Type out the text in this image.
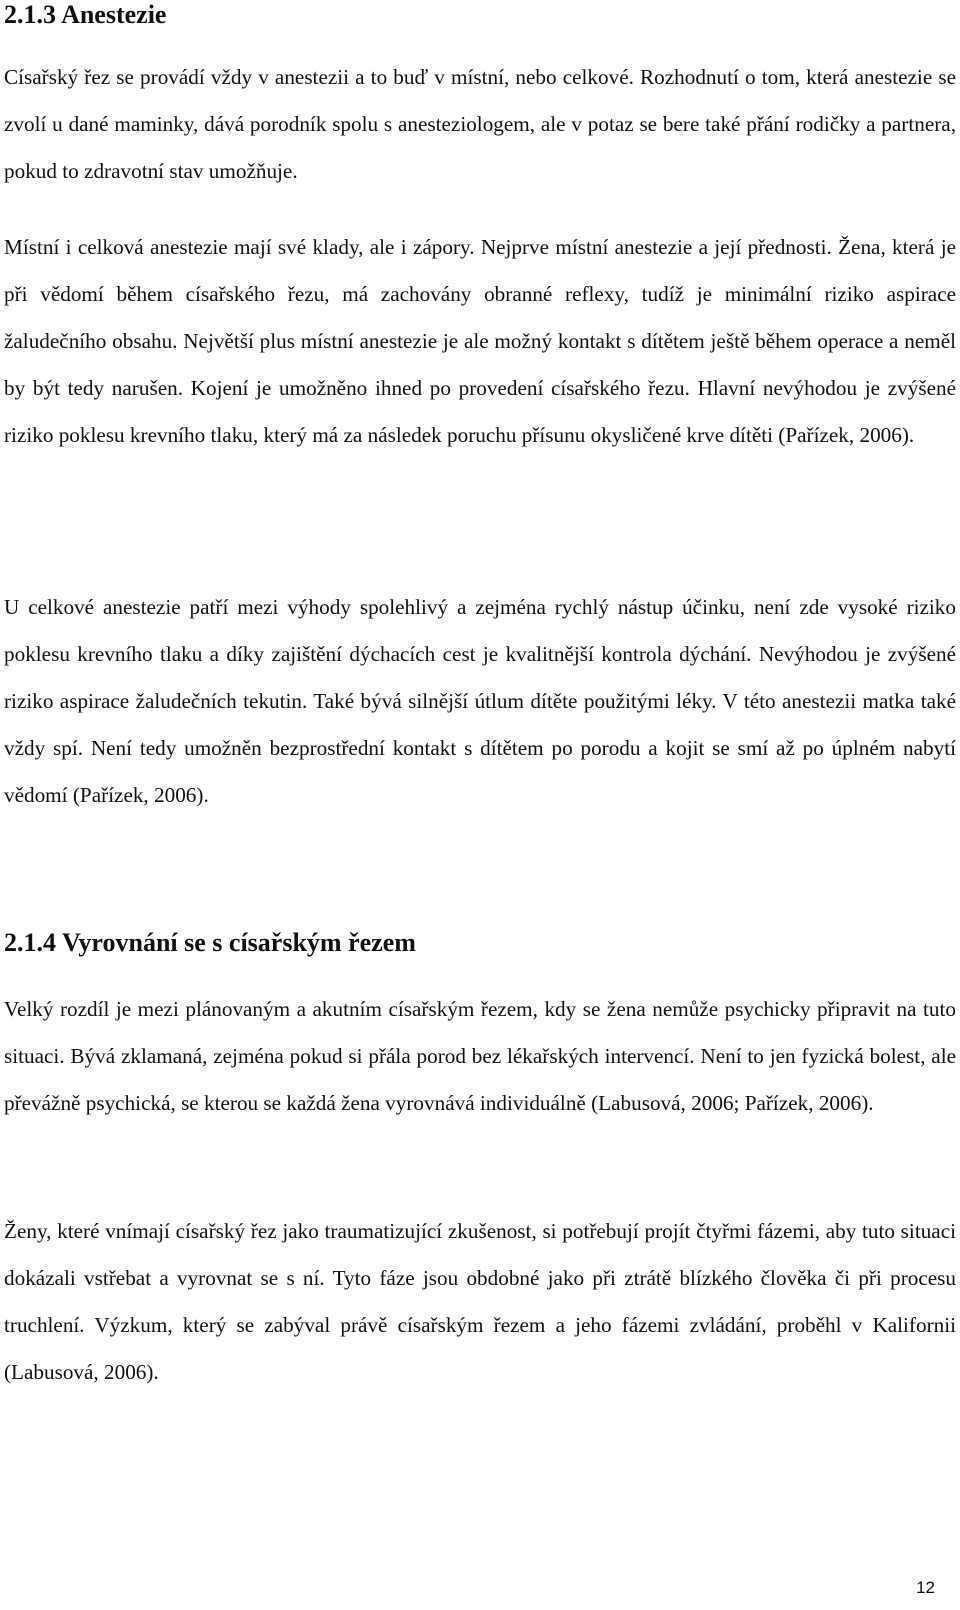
2.1.3 Anestezie

Císařský řez se provádí vždy v anestezii a to buď v místní, nebo celkové. Rozhodnutí o tom, která anestezie se zvolí u dané maminky, dává porodník spolu s anesteziologem, ale v potaz se bere také přání rodičky a partnera, pokud to zdravotní stav umožňuje.

Místní i celková anestezie mají své klady, ale i zápory. Nejprve místní anestezie a její přednosti. Žena, která je při vědomí během císařského řezu, má zachovány obranné reflexy, tudíž je minimální riziko aspirace žaludečního obsahu. Největší plus místní anestezie je ale možný kontakt s dítětem ještě během operace a neměl by být tedy narušen. Kojení je umožněno ihned po provedení císařského řezu. Hlavní nevýhodou je zvýšené riziko poklesu krevního tlaku, který má za následek poruchu přísunu okysličené krve dítěti (Pařízek, 2006).

U celkové anestezie patří mezi výhody spolehlivý a zejména rychlý nástup účinku, není zde vysoké riziko poklesu krevního tlaku a díky zajištění dýchacích cest je kvalitnější kontrola dýchání. Nevýhodou je zvýšené riziko aspirace žaludečních tekutin. Také bývá silnější útlum dítěte použitými léky. V této anestezii matka také vždy spí. Není tedy umožněn bezprostřední kontakt s dítětem po porodu a kojit se smí až po úplném nabytí vědomí (Pařízek, 2006).

2.1.4 Vyrovnání se s císařským řezem

Velký rozdíl je mezi plánovaným a akutním císařským řezem, kdy se žena nemůže psychicky připravit na tuto situaci. Bývá zklamaná, zejména pokud si přála porod bez lékařských intervencí. Není to jen fyzická bolest, ale převážně psychická, se kterou se každá žena vyrovnává individuálně (Labusová, 2006; Pařízek, 2006).

Ženy, které vnímají císařský řez jako traumatizující zkušenost, si potřebují projít čtyřmi fázemi, aby tuto situaci dokázali vstřebat a vyrovnat se s ní. Tyto fáze jsou obdobné jako při ztrátě blízkého člověka či při procesu truchlení. Výzkum, který se zabýval právě císařským řezem a jeho fázemi zvládání, proběhl v Kalifornii (Labusová, 2006).

12
